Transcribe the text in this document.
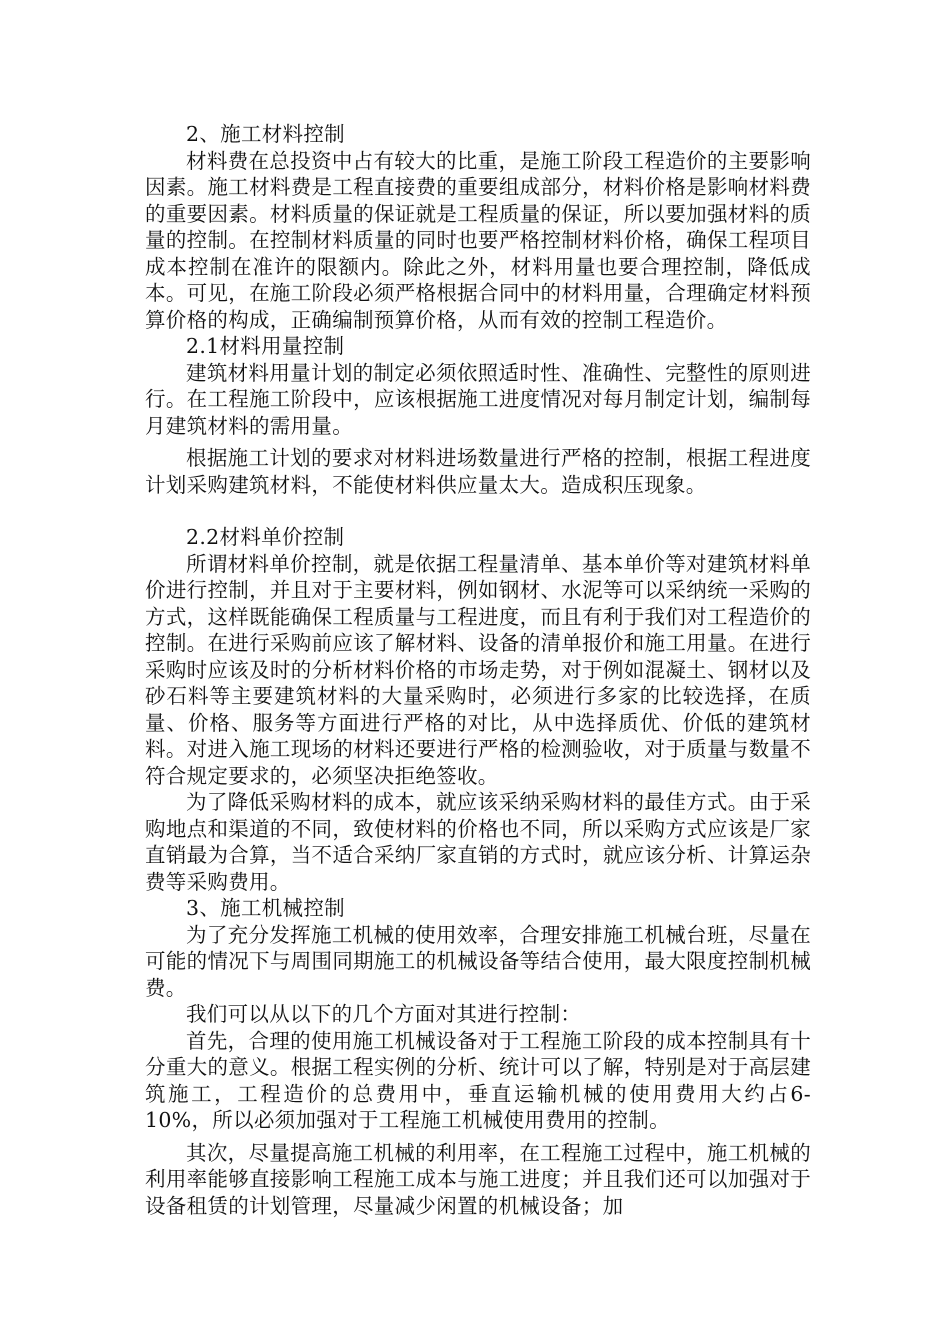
2、施工材料控制

材料费在总投资中占有较大的比重，是施工阶段工程造价的主要影响因素。施工材料费是工程直接费的重要组成部分，材料价格是影响材料费的重要因素。材料质量的保证就是工程质量的保证，所以要加强材料的质量的控制。在控制材料质量的同时也要严格控制材料价格，确保工程项目成本控制在准许的限额内。除此之外，材料用量也要合理控制，降低成本。可见，在施工阶段必须严格根据合同中的材料用量，合理确定材料预算价格的构成，正确编制预算价格，从而有效的控制工程造价。

2.1材料用量控制

建筑材料用量计划的制定必须依照适时性、准确性、完整性的原则进行。在工程施工阶段中，应该根据施工进度情况对每月制定计划，编制每月建筑材料的需用量。

根据施工计划的要求对材料进场数量进行严格的控制，根据工程进度计划采购建筑材料，不能使材料供应量太大。造成积压现象。

2.2材料单价控制

所谓材料单价控制，就是依据工程量清单、基本单价等对建筑材料单价进行控制，并且对于主要材料，例如钢材、水泥等可以采纳统一采购的方式，这样既能确保工程质量与工程进度，而且有利于我们对工程造价的控制。在进行采购前应该了解材料、设备的清单报价和施工用量。在进行采购时应该及时的分析材料价格的市场走势，对于例如混凝土、钢材以及砂石料等主要建筑材料的大量采购时，必须进行多家的比较选择，在质量、价格、服务等方面进行严格的对比，从中选择质优、价低的建筑材料。对进入施工现场的材料还要进行严格的检测验收，对于质量与数量不符合规定要求的，必须坚决拒绝签收。

为了降低采购材料的成本，就应该采纳采购材料的最佳方式。由于采购地点和渠道的不同，致使材料的价格也不同，所以采购方式应该是厂家直销最为合算，当不适合采纳厂家直销的方式时，就应该分析、计算运杂费等采购费用。

3、施工机械控制

为了充分发挥施工机械的使用效率，合理安排施工机械台班，尽量在可能的情况下与周围同期施工的机械设备等结合使用，最大限度控制机械费。

我们可以从以下的几个方面对其进行控制：

首先，合理的使用施工机械设备对于工程施工阶段的成本控制具有十分重大的意义。根据工程实例的分析、统计可以了解，特别是对于高层建筑施工，工程造价的总费用中，垂直运输机械的使用费用大约占6-10%，所以必须加强对于工程施工机械使用费用的控制。

其次，尽量提高施工机械的利用率，在工程施工过程中，施工机械的利用率能够直接影响工程施工成本与施工进度；并且我们还可以加强对于设备租赁的计划管理，尽量减少闲置的机械设备；加
